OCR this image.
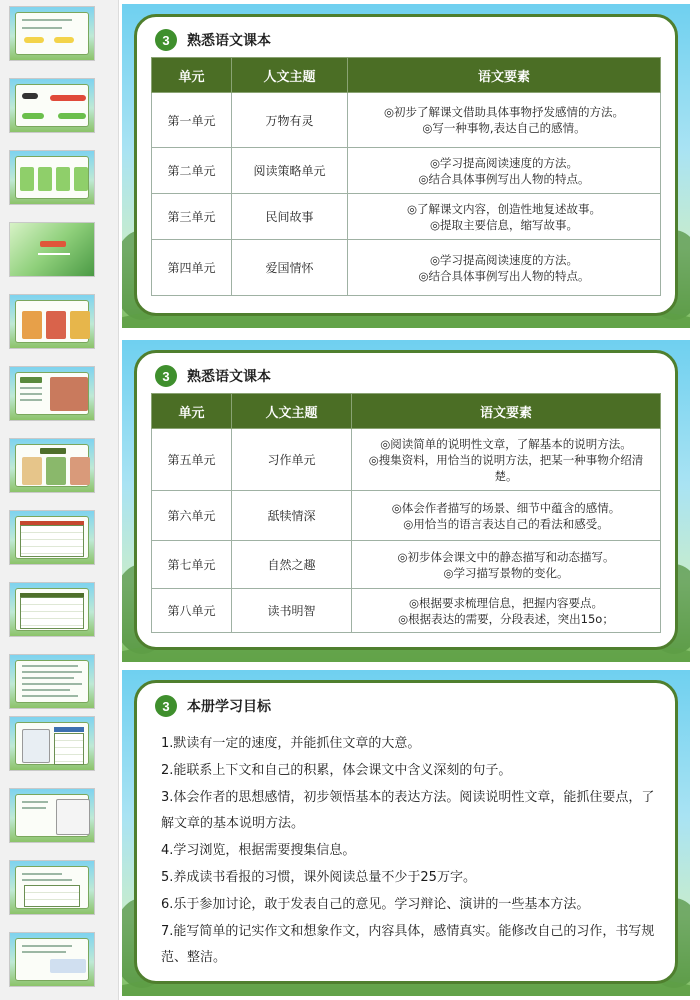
3	熟悉语文课本
单元	人文主题	语文要素
第一单元	万物有灵	◎初步了解课文借助具体事物抒发感情的方法。
◎写一种事物,表达自己的感情。

第二单元	阅读策略单元	◎学习提高阅读速度的方法。
◎结合具体事例写出人物的特点。

第三单元	民间故事	◎了解课文内容，创造性地复述故事。
◎提取主要信息，缩写故事。

第四单元	爱国情怀	◎学习提高阅读速度的方法。
◎结合具体事例写出人物的特点。
3	熟悉语文课本
单元	人文主题	语文要素
第五单元	习作单元	◎阅读简单的说明性文章，了解基本的说明方法。
◎搜集资料，用恰当的说明方法，把某一种事物介绍清楚。

第六单元	舐犊情深	◎体会作者描写的场景、细节中蕴含的感情。
◎用恰当的语言表达自己的看法和感受。

第七单元	自然之趣	◎初步体会课文中的静态描写和动态描写。
◎学习描写景物的变化。

第八单元	读书明智	◎根据要求梳理信息，把握内容要点。
◎根据表达的需要，分段表述，突出15o；
3	本册学习目标
1.默读有一定的速度，并能抓住文章的大意。
2.能联系上下文和自己的积累，体会课文中含义深刻的句子。
3.体会作者的思想感情，初步领悟基本的表达方法。阅读说明性文章，能抓住要点，了解文章的基本说明方法。
4.学习浏览，根据需要搜集信息。
5.养成读书看报的习惯，课外阅读总量不少于25万字。
6.乐于参加讨论，敢于发表自己的意见。学习辩论、演讲的一些基本方法。
7.能写简单的记实作文和想象作文，内容具体，感情真实。能修改自己的习作，书写规范、整洁。
